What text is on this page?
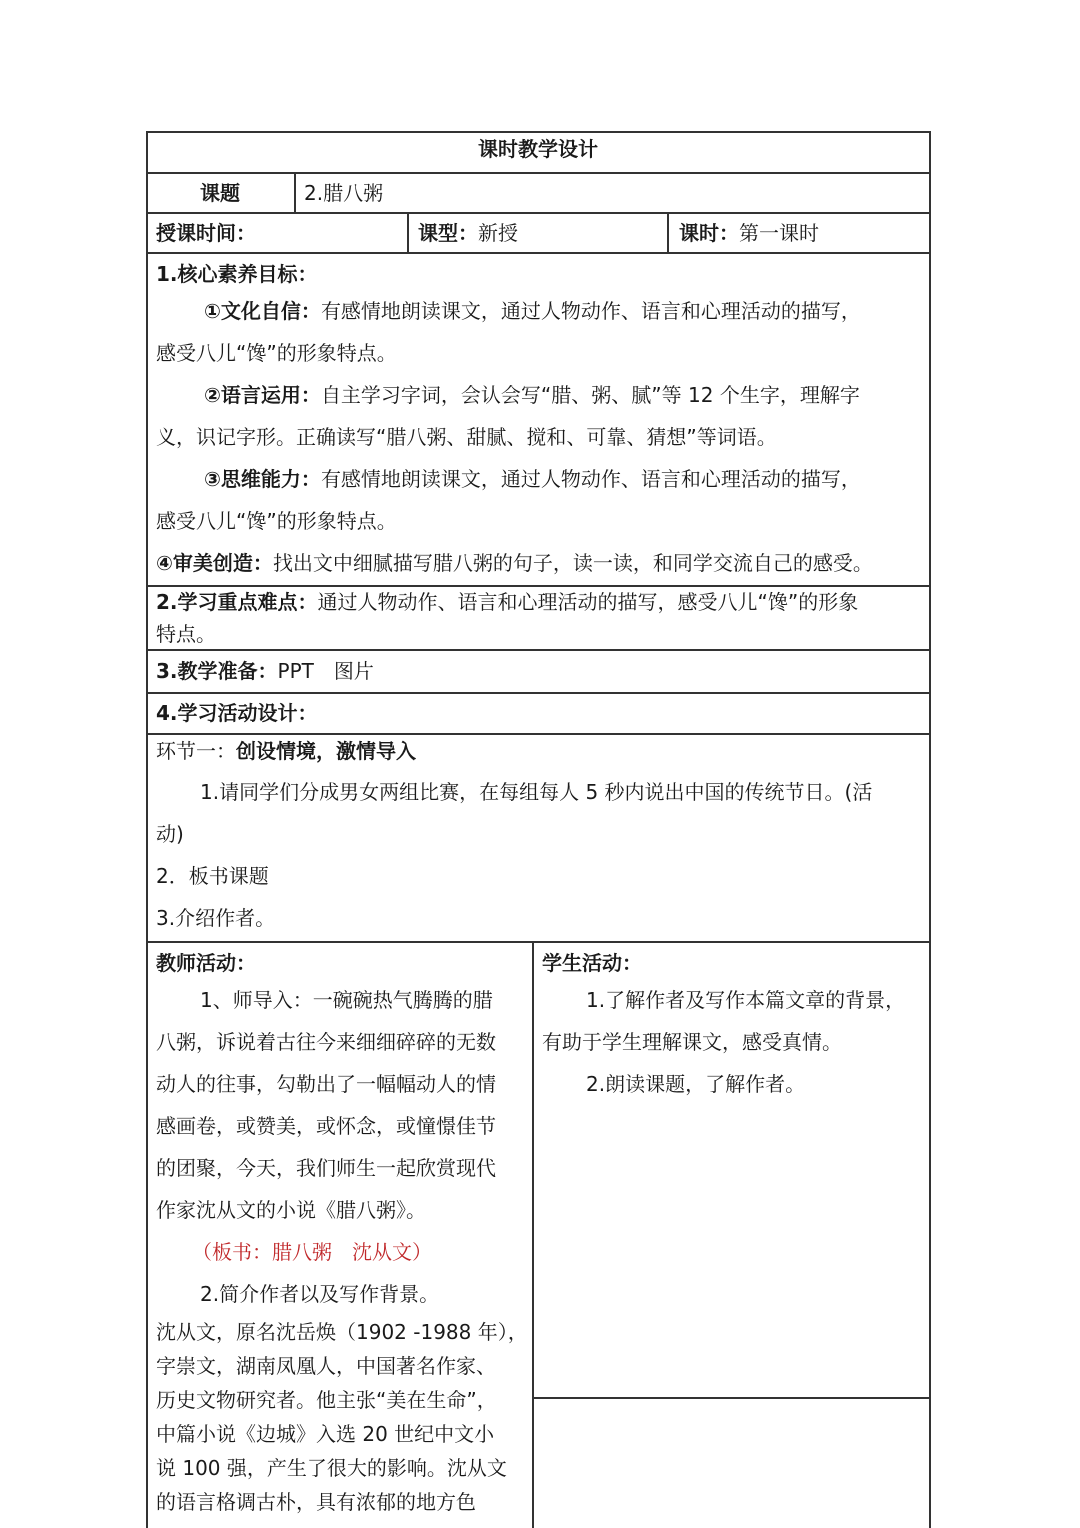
课时教学设计
课题	2.腊八粥
授课时间：	课型：新授	课时：第一课时

1.核心素养目标：

①文化自信：有感情地朗读课文，通过人物动作、语言和心理活动的描写，

感受八儿“馋”的形象特点。

②语言运用：自主学习字词，会认会写“腊、粥、腻”等 12 个生字，理解字

义，识记字形。正确读写“腊八粥、甜腻、搅和、可靠、猜想”等词语。

③思维能力：有感情地朗读课文，通过人物动作、语言和心理活动的描写，

感受八儿“馋”的形象特点。

④审美创造：找出文中细腻描写腊八粥的句子，读一读，和同学交流自己的感受。

2.学习重点难点：通过人物动作、语言和心理活动的描写，感受八儿“馋”的形象

特点。

3.教学准备：PPT　图片
4.学习活动设计：

环节一：创设情境，激情导入

1.请同学们分成男女两组比赛，在每组每人 5 秒内说出中国的传统节日。(活

动)

2．板书课题

3.介绍作者。

教师活动：

1、师导入：一碗碗热气腾腾的腊

八粥，诉说着古往今来细细碎碎的无数

动人的往事，勾勒出了一幅幅动人的情

感画卷，或赞美，或怀念，或憧憬佳节

的团聚，今天，我们师生一起欣赏现代

作家沈从文的小说《腊八粥》。

（板书：腊八粥　沈从文）

2.简介作者以及写作背景。

沈从文，原名沈岳焕（1902 -1988 年），

字崇文，湖南凤凰人，中国著名作家、

历史文物研究者。他主张“美在生命”，

中篇小说《边城》入选 20 世纪中文小

说 100 强，产生了很大的影响。沈从文

的语言格调古朴，具有浓郁的地方色

学生活动：

1.了解作者及写作本篇文章的背景，

有助于学生理解课文，感受真情。

2.朗读课题，了解作者。
